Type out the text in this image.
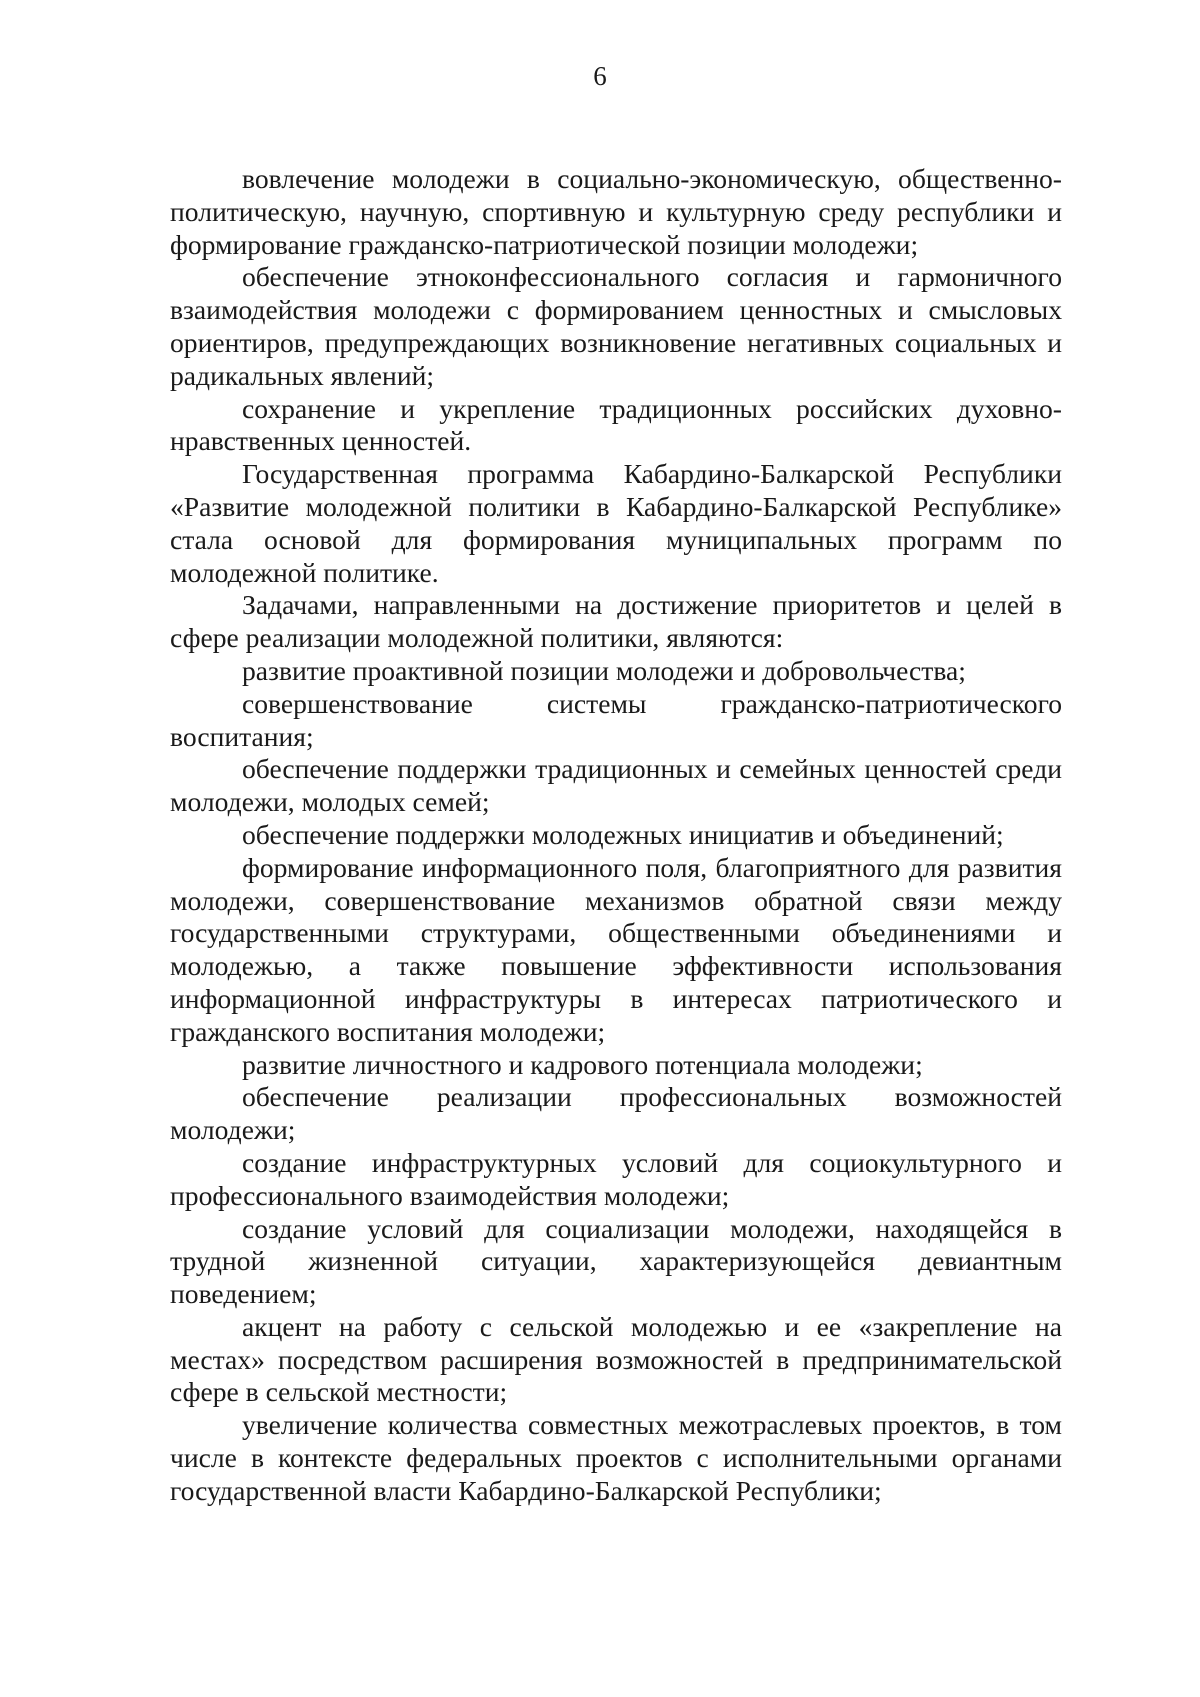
6

вовлечение молодежи в социально-экономическую, общественно-политическую, научную, спортивную и культурную среду республики и формирование гражданско-патриотической позиции молодежи;

обеспечение этноконфессионального согласия и гармоничного взаимодействия молодежи с формированием ценностных и смысловых ориентиров, предупреждающих возникновение негативных социальных и радикальных явлений;

сохранение и укрепление традиционных российских духовно-нравственных ценностей.

Государственная программа Кабардино-Балкарской Республики «Развитие молодежной политики в Кабардино-Балкарской Республике» стала основой для формирования муниципальных программ по молодежной политике.

Задачами, направленными на достижение приоритетов и целей в сфере реализации молодежной политики, являются:

развитие проактивной позиции молодежи и добровольчества;

совершенствование системы гражданско-патриотического воспитания;

обеспечение поддержки традиционных и семейных ценностей среди молодежи, молодых семей;

обеспечение поддержки молодежных инициатив и объединений;

формирование информационного поля, благоприятного для развития молодежи, совершенствование механизмов обратной связи между государственными структурами, общественными объединениями и молодежью, а также повышение эффективности использования информационной инфраструктуры в интересах патриотического и гражданского воспитания молодежи;

развитие личностного и кадрового потенциала молодежи;

обеспечение реализации профессиональных возможностей молодежи;

создание инфраструктурных условий для социокультурного и профессионального взаимодействия молодежи;

создание условий для социализации молодежи, находящейся в трудной жизненной ситуации, характеризующейся девиантным поведением;

акцент на работу с сельской молодежью и ее «закрепление на местах» посредством расширения возможностей в предпринимательской сфере в сельской местности;

увеличение количества совместных межотраслевых проектов, в том числе в контексте федеральных проектов с исполнительными органами государственной власти Кабардино-Балкарской Республики;
